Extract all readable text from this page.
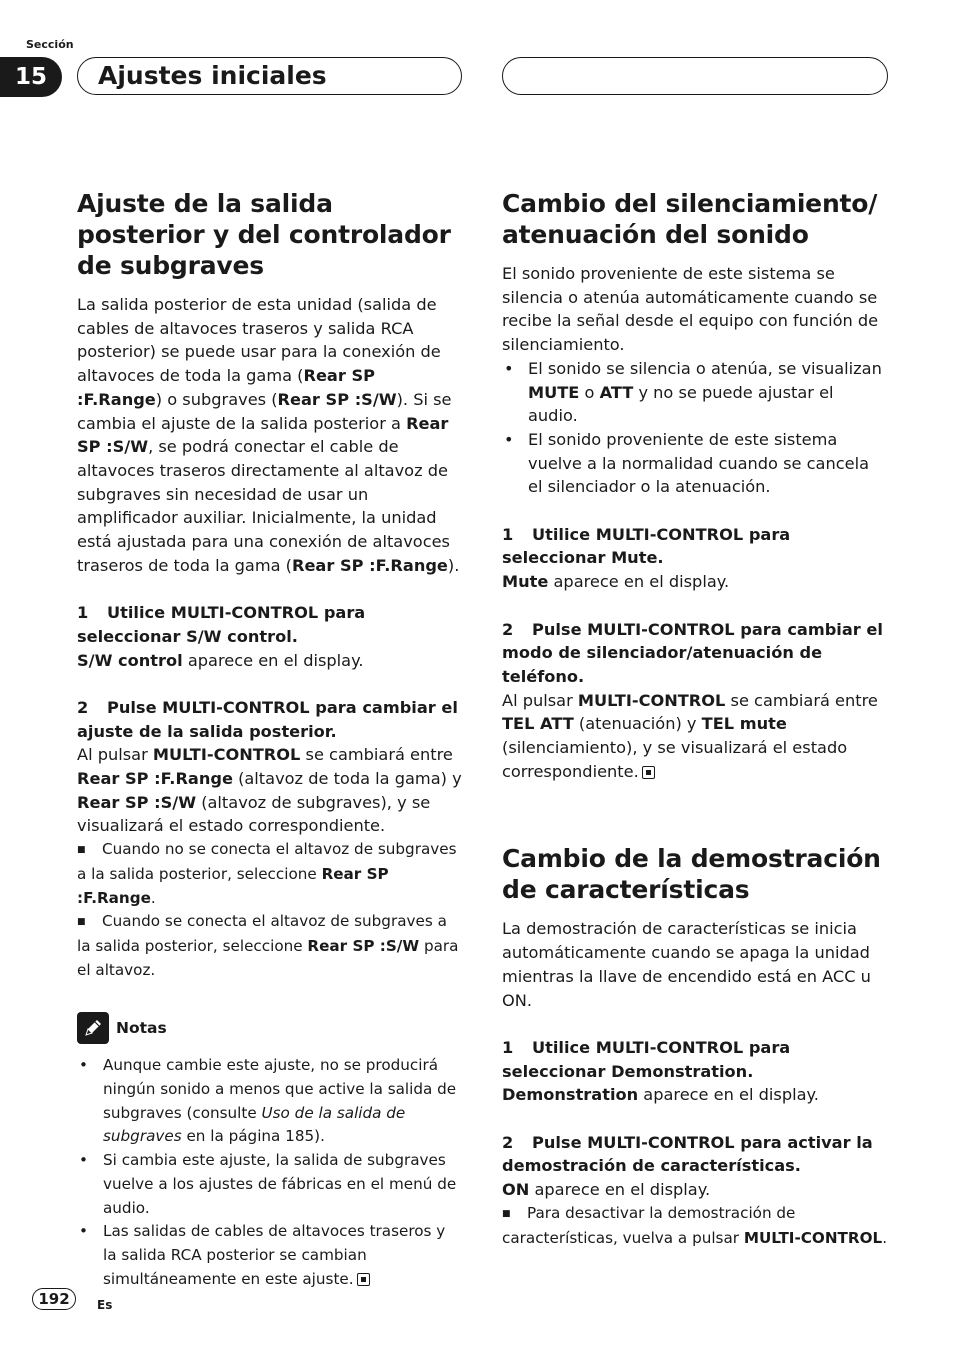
Sección
15	Ajustes iniciales
Ajuste de la salida posterior y del controlador de subgraves

La salida posterior de esta unidad (salida de cables de altavoces traseros y salida RCA posterior) se puede usar para la conexión de altavoces de toda la gama (Rear SP :F.Range) o subgraves (Rear SP :S/W). Si se cambia el ajuste de la salida posterior a Rear SP :S/W, se podrá conectar el cable de altavoces traseros directamente al altavoz de subgraves sin necesidad de usar un amplificador auxiliar. Inicialmente, la unidad está ajustada para una conexión de altavoces traseros de toda la gama (Rear SP :F.Range).

1 Utilice MULTI-CONTROL para seleccionar S/W control.

S/W control aparece en el display.

2 Pulse MULTI-CONTROL para cambiar el ajuste de la salida posterior.

Al pulsar MULTI-CONTROL se cambiará entre Rear SP :F.Range (altavoz de toda la gama) y Rear SP :S/W (altavoz de subgraves), y se visualizará el estado correspondiente.

■ Cuando no se conecta el altavoz de subgraves a la salida posterior, seleccione Rear SP :F.Range.

■ Cuando se conecta el altavoz de subgraves a la salida posterior, seleccione Rear SP :S/W para el altavoz.

Notas
• Aunque cambie este ajuste, no se producirá ningún sonido a menos que active la salida de subgraves (consulte Uso de la salida de subgraves en la página 185).
• Si cambia este ajuste, la salida de subgraves vuelve a los ajustes de fábricas en el menú de audio.
• Las salidas de cables de altavoces traseros y la salida RCA posterior se cambian simultáneamente en este ajuste.
Cambio del silenciamiento/ atenuación del sonido

El sonido proveniente de este sistema se silencia o atenúa automáticamente cuando se recibe la señal desde el equipo con función de silenciamiento.

• El sonido se silencia o atenúa, se visualizan MUTE o ATT y no se puede ajustar el audio.
• El sonido proveniente de este sistema vuelve a la normalidad cuando se cancela el silenciador o la atenuación.
1 Utilice MULTI-CONTROL para seleccionar Mute.

Mute aparece en el display.

2 Pulse MULTI-CONTROL para cambiar el modo de silenciador/atenuación de teléfono.

Al pulsar MULTI-CONTROL se cambiará entre TEL ATT (atenuación) y TEL mute (silenciamiento), y se visualizará el estado correspondiente.

Cambio de la demostración de características

La demostración de características se inicia automáticamente cuando se apaga la unidad mientras la llave de encendido está en ACC u ON.

1 Utilice MULTI-CONTROL para seleccionar Demonstration.

Demonstration aparece en el display.

2 Pulse MULTI-CONTROL para activar la demostración de características.

ON aparece en el display.

■ Para desactivar la demostración de características, vuelva a pulsar MULTI-CONTROL.

192	Es
